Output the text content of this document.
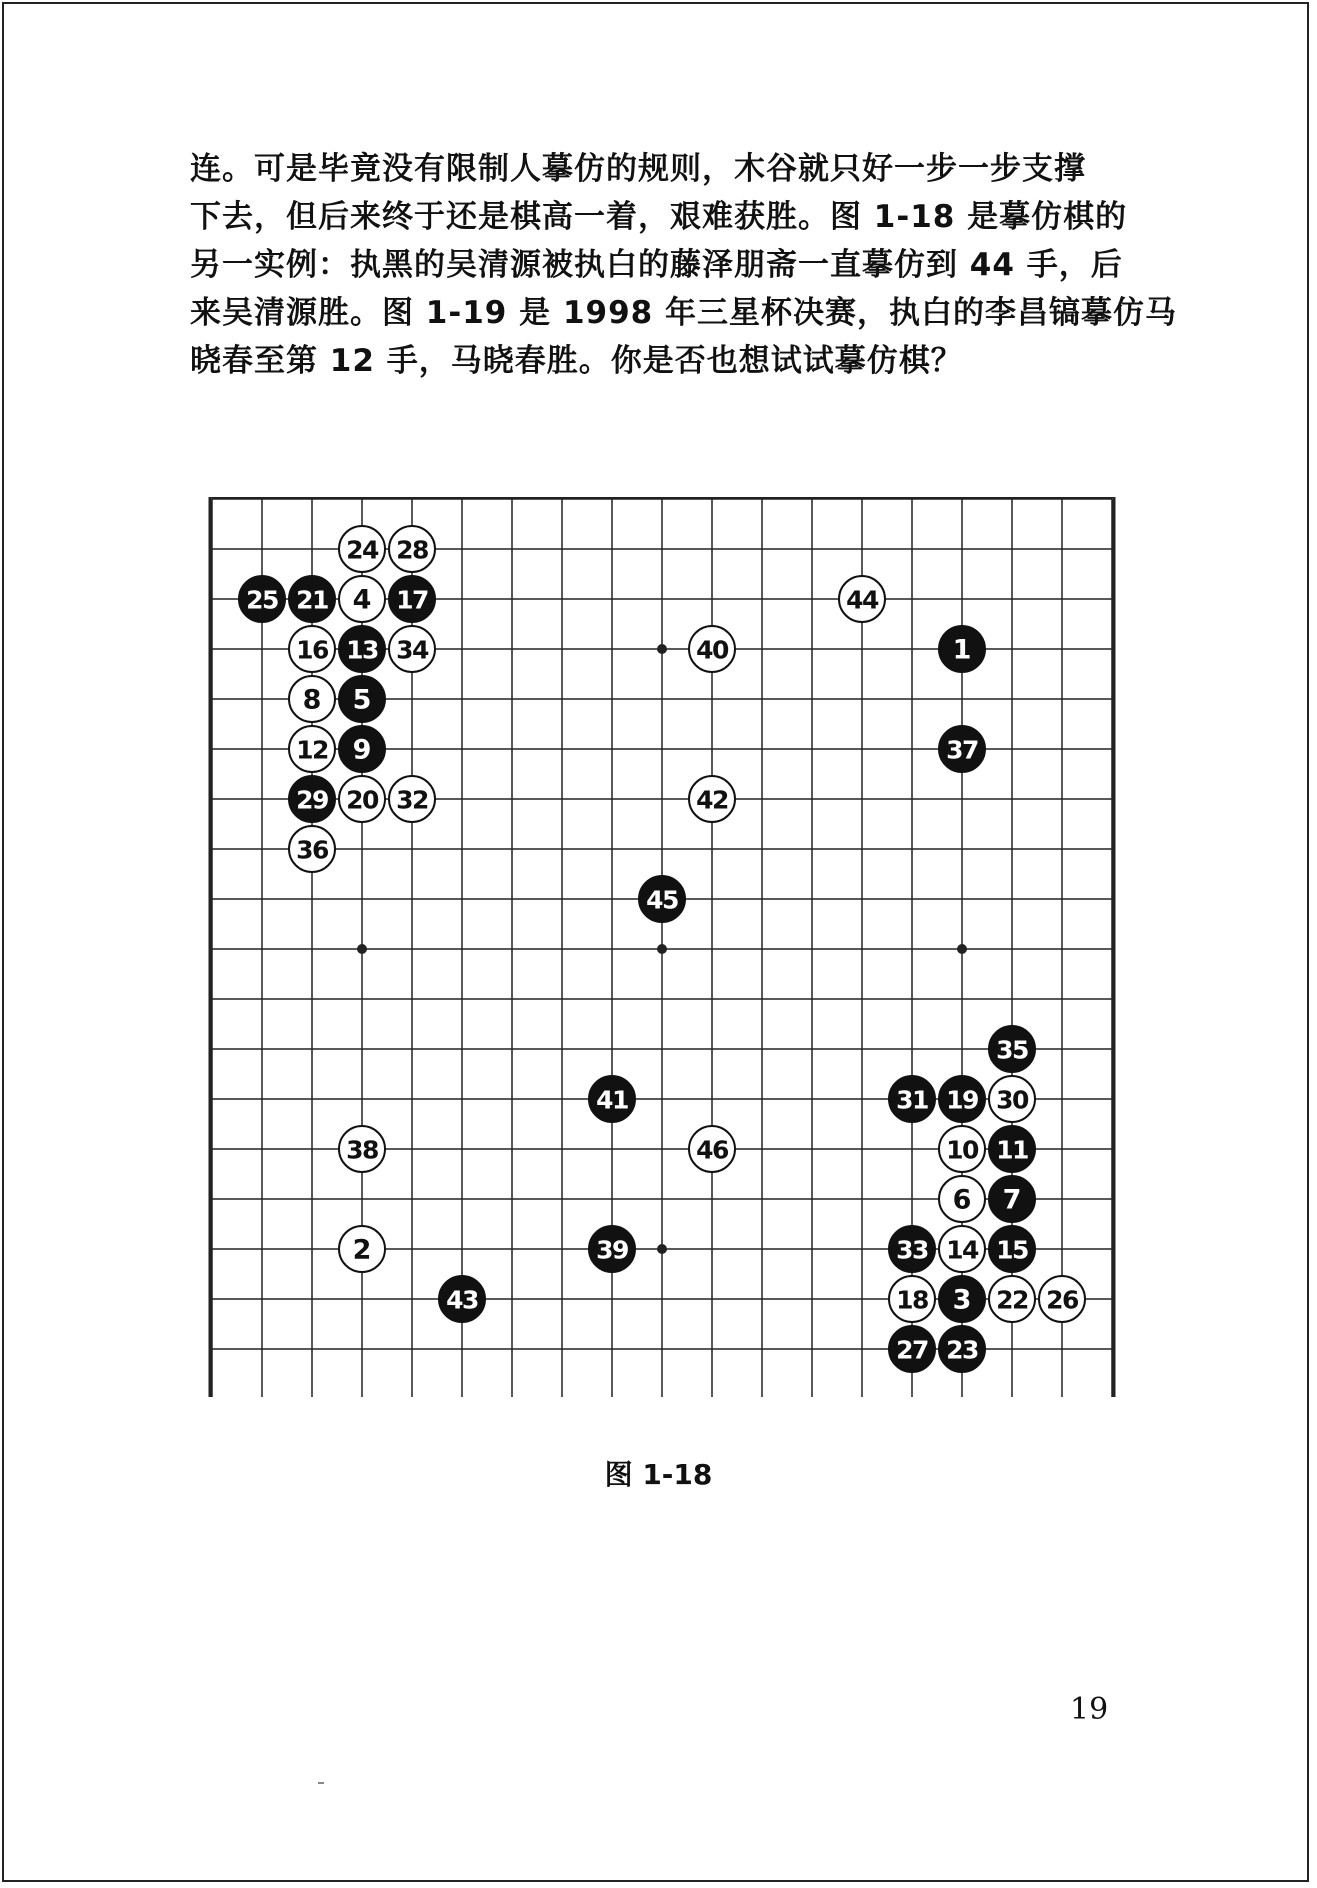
连。可是毕竟没有限制人摹仿的规则，木谷就只好一步一步支撑
下去，但后来终于还是棋高一着，艰难获胜。图 1-18 是摹仿棋的
另一实例：执黑的吴清源被执白的藤泽朋斋一直摹仿到 44 手，后
来吴清源胜。图 1-19 是 1998 年三星杯决赛，执白的李昌镐摹仿马
晓春至第 12 手，马晓春胜。你是否也想试试摹仿棋？
1
2
3
4
5
6 7
8
9
10 11
12
13
14 15
16
17
18
19
20
21
22
23
24
25
26
27
28
29
30
31
32
33
34
35
36
37
38
39
40
41
42
43
44
45
46
图 1-18
19
